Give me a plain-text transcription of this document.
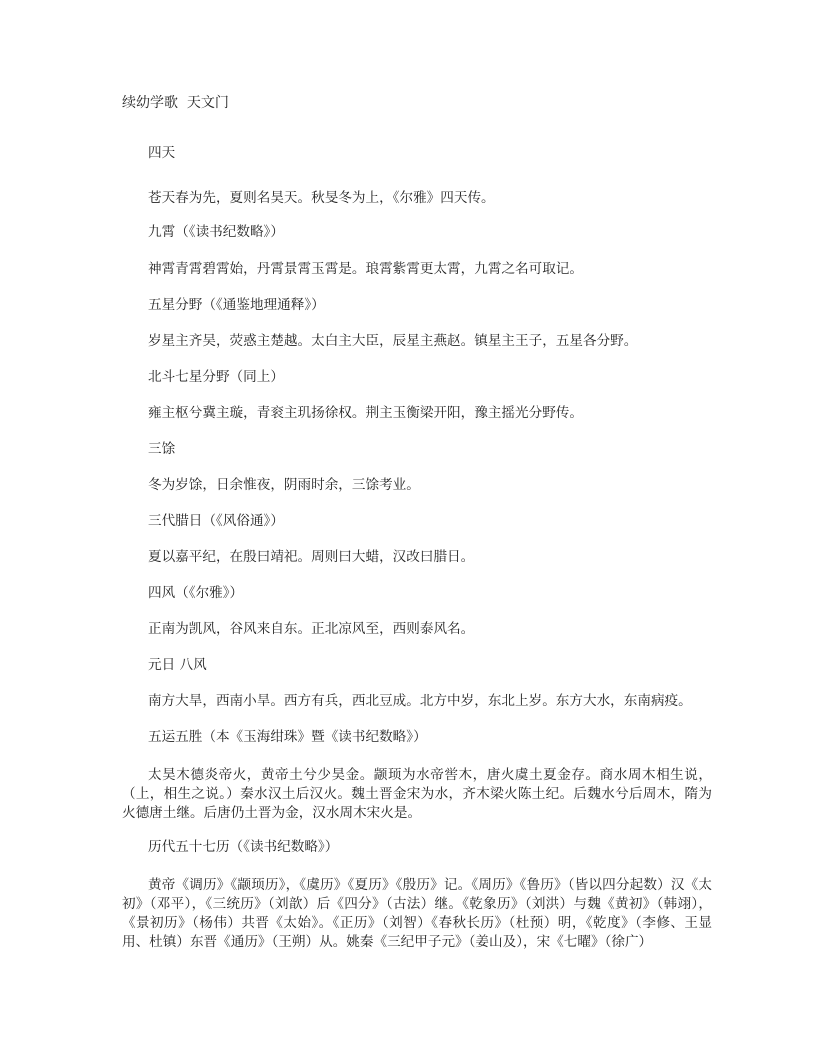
续幼学歌  天文门
四天
苍天春为先，夏则名昊天。秋旻冬为上，《尔雅》四天传。
九霄（《读书纪数略》）
神霄青霄碧霄始，丹霄景霄玉霄是。琅霄紫霄更太霄，九霄之名可取记。
五星分野（《通鉴地理通释》）
岁星主齐吴，荧惑主楚越。太白主大臣，辰星主燕赵。镇星主王子，五星各分野。
北斗七星分野（同上）
雍主枢兮冀主璇，青衮主玑扬徐权。荆主玉衡梁开阳，豫主摇光分野传。
三馀
冬为岁馀，日余惟夜，阴雨时余，三馀考业。
三代腊日（《风俗通》）
夏以嘉平纪，在殷曰靖祀。周则曰大蜡，汉改曰腊日。
四风（《尔雅》）
正南为凯风，谷风来自东。正北凉风至，西则泰风名。
元日 八风
南方大旱，西南小旱。西方有兵，西北豆成。北方中岁，东北上岁。东方大水，东南病疫。
五运五胜（本《玉海绀珠》暨《读书纪数略》）
太昊木德炎帝火，黄帝土兮少昊金。颛顼为水帝喾木，唐火虞土夏金存。商水周木相生说，（上，相生之说。）秦水汉土后汉火。魏土晋金宋为水，齐木梁火陈土纪。后魏水兮后周木，隋为火德唐土继。后唐仍土晋为金，汉水周木宋火是。
历代五十七历（《读书纪数略》）
黄帝《调历》《颛顼历》，《虞历》《夏历》《殷历》记。《周历》《鲁历》（皆以四分起数）汉《太初》（邓平），《三统历》（刘歆）后《四分》（古法）继。《乾象历》（刘洪）与魏《黄初》（韩翊），《景初历》（杨伟）共晋《太始》。《正历》（刘智）《春秋长历》（杜预）明，《乾度》（李修、王显用、杜镇）东晋《通历》（王朔）从。姚秦《三纪甲子元》（姜山及），宋《七曜》（徐广）
